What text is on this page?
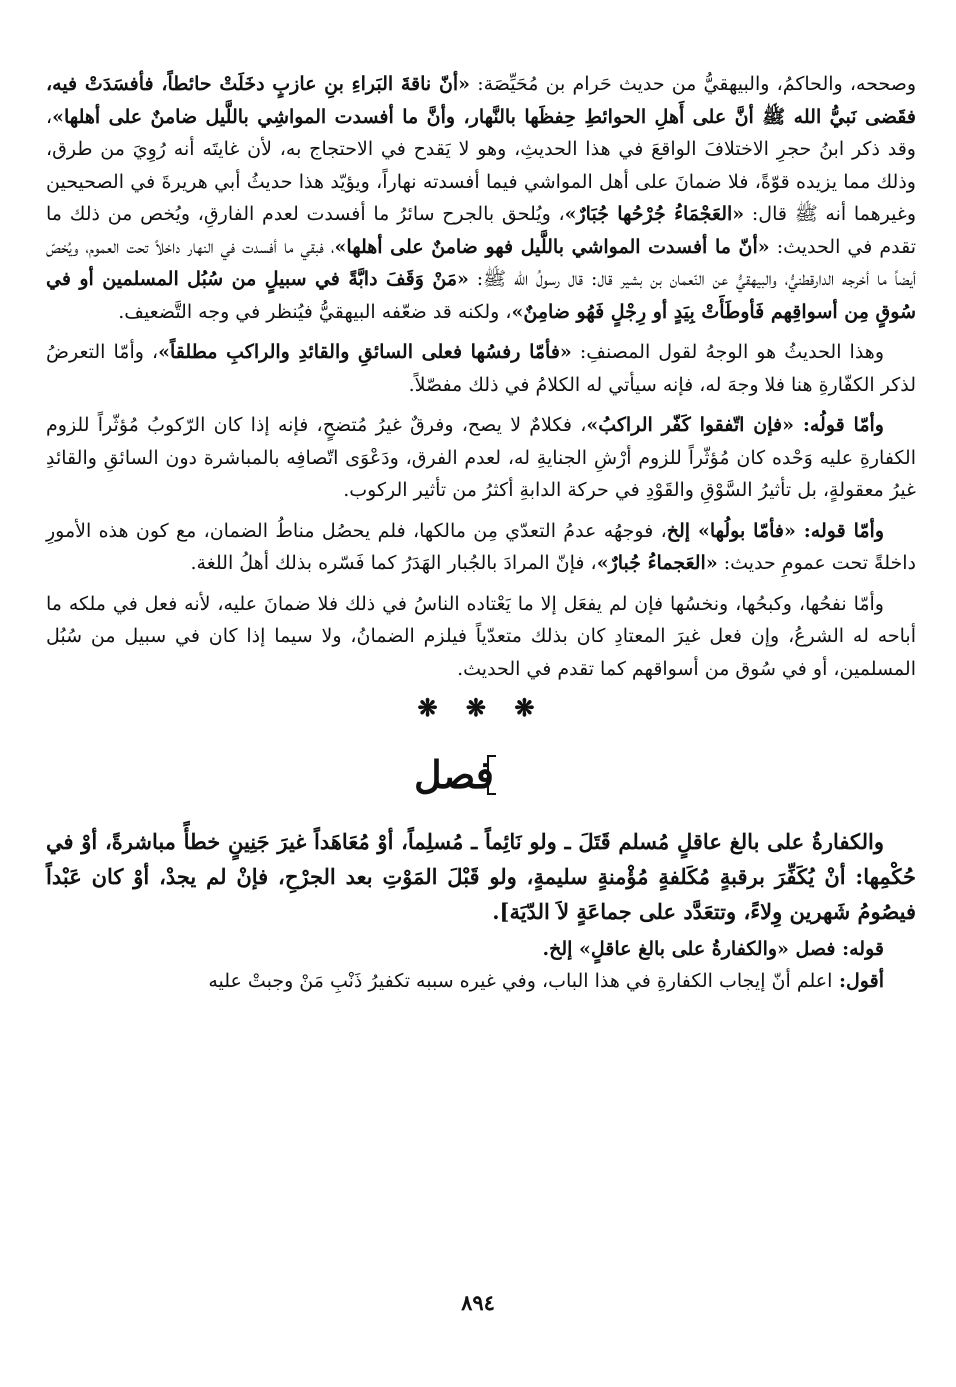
وصححه، والحاكمُ، والبيهقيُّ من حديث حَرام بن مُحَيِّصَة: «أنّ ناقةَ البَراءِ بنِ عازبٍ دخَلَتْ حائطاً، فأفسَدَتْ فيه، فقَضى نَبيُّ الله ﷺ أنَّ على أَهلِ الحوائطِ حِفظَها بالنَّهار، وأنَّ ما أفسدت المواشِي باللَّيل ضامنٌ على أهلها»، وقد ذكر ابنُ حجرِ الاختلافَ الواقعَ في هذا الحديثِ، وهو لا يَقدح في الاحتجاج به، لأن غايتَه أنه رُوِيَ من طرق، وذلك مما يزيده قوّةً، فلا ضمانَ على أهل المواشي فيما أفسدته نهاراً، ويؤيّد هذا حديثُ أبي هريرةَ في الصحيحين وغيرهما أنه ﷺ قال: «العَجْمَاءُ جُرْحُها جُبَارٌ»، ويُلحق بالجرح سائرُ ما أفسدت لعدم الفارقِ، ويُخص من ذلك ما تقدم في الحديث: «أنّ ما أفسدت المواشي باللَّيل فهو ضامنٌ على أهلها»، فبقي ما أفسدت في النهار داخلاً تحت العموم، ويُخصّ أيضاً ما أخرجه الدارقطنيُّ، والبيهقيُّ عن النّعمان بن بشير قال: قال رسولُ الله ﷺ: «مَنْ وَقَفَ دابَّةً في سبيلٍ من سُبُل المسلمين أو في سُوقٍ مِن أسواقِهم فَأوطَأَتْ بِيَدٍ أو رِجْلٍ فَهُو ضامِنٌ»، ولكنه قد ضعّفه البيهقيُّ فيُنظر في وجه التَّضعيف.

وهذا الحديثُ هو الوجهُ لقول المصنفِ: «فأمّا رفسُها فعلى السائقِ والقائدِ والراكبِ مطلقاً»، وأمّا التعرضُ لذكر الكفّارةِ هنا فلا وجهَ له، فإنه سيأتي له الكلامُ في ذلك مفصّلاً.

وأمّا قولُه: «فإن اتّفقوا كَفّر الراكبُ»، فكلامٌ لا يصح، وفرقٌ غيرُ مُتضحٍ، فإنه إذا كان الرّكوبُ مُؤثّراً للزوم الكفارةِ عليه وَحْده كان مُؤثّراً للزوم أرْشِ الجنايةِ له، لعدم الفرق، ودَعْوَى اتّصافِه بالمباشرة دون السائقِ والقائدِ غيرُ معقولةٍ، بل تأثيرُ السَّوْقِ والقَوْدِ في حركة الدابةِ أكثرُ من تأثير الركوب.

وأمّا قوله: «فأمّا بولُها» إلخ، فوجهُه عدمُ التعدّي مِن مالكها، فلم يحصُل مناطُ الضمان، مع كون هذه الأمورِ داخلةً تحت عمومِ حديث: «العَجماءُ جُبارٌ»، فإنّ المرادَ بالجُبار الهَدَرُ كما فَسّره بذلك أهلُ اللغة.

وأمّا نفحُها، وكبحُها، ونخسُها فإن لم يفعَل إلا ما يَعْتاده الناسُ في ذلك فلا ضمانَ عليه، لأنه فعل في ملكه ما أباحه له الشرعُ، وإن فعل غيرَ المعتادِ كان بذلك متعدّياً فيلزم الضمانُ، ولا سيما إذا كان في سبيل من سُبُل المسلمين، أو في سُوق من أسواقهم كما تقدم في الحديث.

❋ ❋ ❋
فصل

والكفارةُ على بالغ عاقلٍ مُسلم قَتَلَ ـ ولو نَائِماً ـ مُسلِماً، أوْ مُعَاهَداً غيرَ جَنِينٍ خطأً مباشرةً، أوْ في حُكْمِها: أنْ يُكَفِّرَ برقبةٍ مُكَلفةٍ مُؤْمنةٍ سليمةٍ، ولو قَبْلَ المَوْتِ بعد الجرْحِ، فإنْ لم يجدْ، أوْ كان عَبْداً فيصُومُ شَهرين وِلاءً، وتتعَدَّد على جماعَةٍ لاَ الدّيَة].

قوله: فصل «والكفارةُ على بالغ عاقلٍ» إلخ.

أقول: اعلم أنّ إيجاب الكفارةِ في هذا الباب، وفي غيره سببه تكفيرُ ذَنْبِ مَنْ وجبتْ عليه

٨٩٤
